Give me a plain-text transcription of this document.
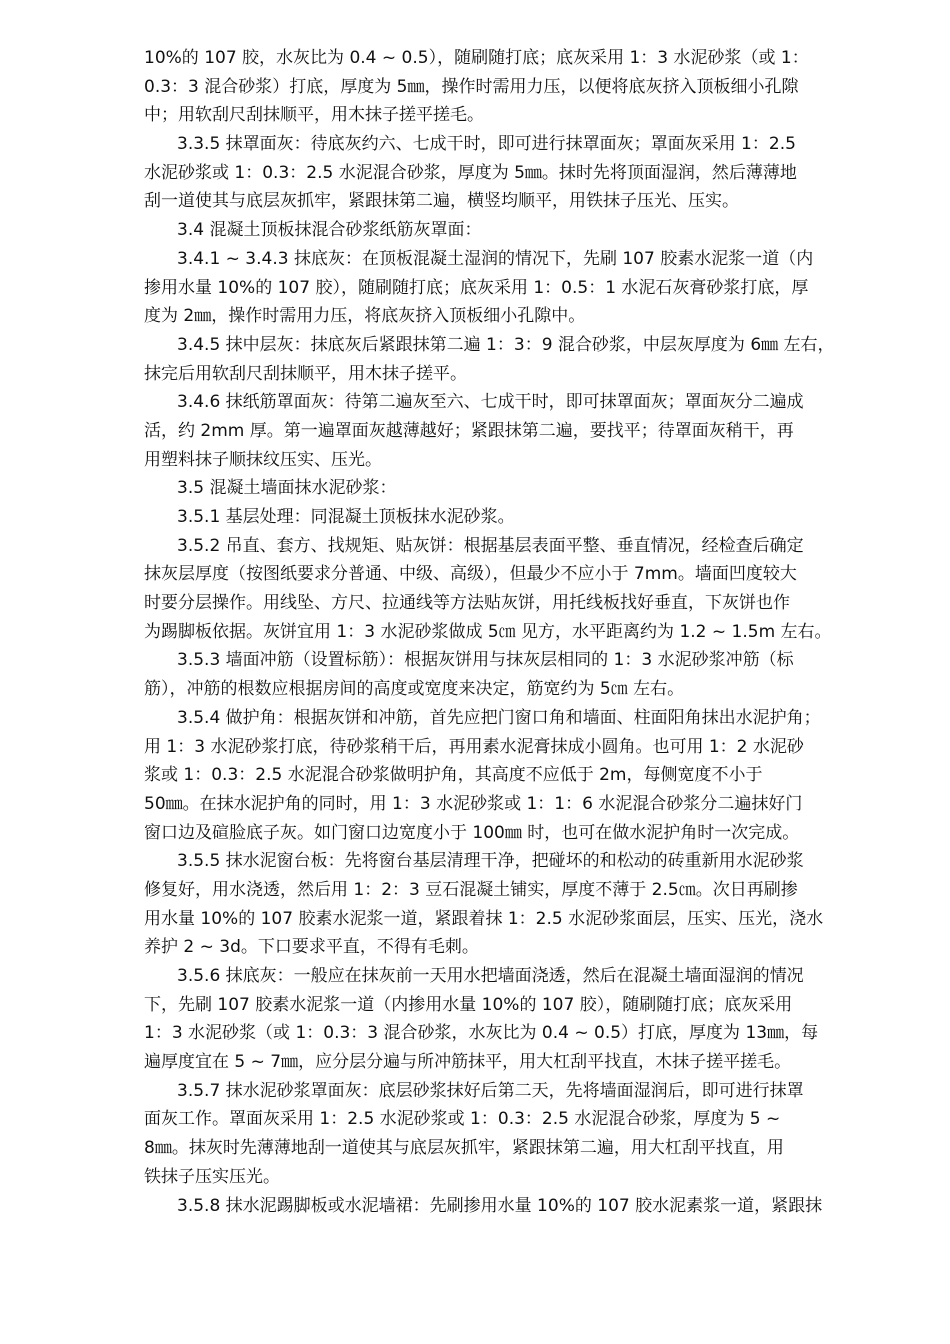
10%的 107 胶，水灰比为 0.4 ~ 0.5），随刷随打底；底灰采用 1：3 水泥砂浆（或 1：
0.3：3 混合砂浆）打底，厚度为 5㎜，操作时需用力压，以便将底灰挤入顶板细小孔隙
中；用软刮尺刮抹顺平，用木抹子搓平搓毛。
3.3.5 抹罩面灰：待底灰约六、七成干时，即可进行抹罩面灰；罩面灰采用 1：2.5
水泥砂浆或 1：0.3：2.5 水泥混合砂浆，厚度为 5㎜。抹时先将顶面湿润，然后薄薄地
刮一道使其与底层灰抓牢，紧跟抹第二遍，横竖均顺平，用铁抹子压光、压实。
3.4 混凝土顶板抹混合砂浆纸筋灰罩面：
3.4.1 ~ 3.4.3 抹底灰：在顶板混凝土湿润的情况下，先刷 107 胶素水泥浆一道（内
掺用水量 10%的 107 胶），随刷随打底；底灰采用 1：0.5：1 水泥石灰膏砂浆打底，厚
度为 2㎜，操作时需用力压，将底灰挤入顶板细小孔隙中。
3.4.5 抹中层灰：抹底灰后紧跟抹第二遍 1：3：9 混合砂浆，中层灰厚度为 6㎜ 左右，
抹完后用软刮尺刮抹顺平，用木抹子搓平。
3.4.6 抹纸筋罩面灰：待第二遍灰至六、七成干时，即可抹罩面灰；罩面灰分二遍成
活，约 2mm 厚。第一遍罩面灰越薄越好；紧跟抹第二遍，要找平；待罩面灰稍干，再
用塑料抹子顺抹纹压实、压光。
3.5 混凝土墙面抹水泥砂浆：
3.5.1 基层处理：同混凝土顶板抹水泥砂浆。
3.5.2 吊直、套方、找规矩、贴灰饼：根据基层表面平整、垂直情况，经检查后确定
抹灰层厚度（按图纸要求分普通、中级、高级），但最少不应小于 7mm。墙面凹度较大
时要分层操作。用线坠、方尺、拉通线等方法贴灰饼，用托线板找好垂直，下灰饼也作
为踢脚板依据。灰饼宜用 1：3 水泥砂浆做成 5㎝ 见方，水平距离约为 1.2 ~ 1.5m 左右。
3.5.3 墙面冲筋（设置标筋）：根据灰饼用与抹灰层相同的 1：3 水泥砂浆冲筋（标
筋），冲筋的根数应根据房间的高度或宽度来决定，筋宽约为 5㎝ 左右。
3.5.4 做护角：根据灰饼和冲筋，首先应把门窗口角和墙面、柱面阳角抹出水泥护角；
用 1：3 水泥砂浆打底，待砂浆稍干后，再用素水泥膏抹成小圆角。也可用 1：2 水泥砂
浆或 1：0.3：2.5 水泥混合砂浆做明护角，其高度不应低于 2m，每侧宽度不小于
50㎜。在抹水泥护角的同时，用 1：3 水泥砂浆或 1：1：6 水泥混合砂浆分二遍抹好门
窗口边及碹脸底子灰。如门窗口边宽度小于 100㎜ 时，也可在做水泥护角时一次完成。
3.5.5 抹水泥窗台板：先将窗台基层清理干净，把碰坏的和松动的砖重新用水泥砂浆
修复好，用水浇透，然后用 1：2：3 豆石混凝土铺实，厚度不薄于 2.5㎝。次日再刷掺
用水量 10%的 107 胶素水泥浆一道，紧跟着抹 1：2.5 水泥砂浆面层，压实、压光，浇水
养护 2 ~ 3d。下口要求平直，不得有毛刺。
3.5.6 抹底灰：一般应在抹灰前一天用水把墙面浇透，然后在混凝土墙面湿润的情况
下，先刷 107 胶素水泥浆一道（内掺用水量 10%的 107 胶），随刷随打底；底灰采用
1：3 水泥砂浆（或 1：0.3：3 混合砂浆，水灰比为 0.4 ~ 0.5）打底，厚度为 13㎜，每
遍厚度宜在 5 ~ 7㎜，应分层分遍与所冲筋抹平，用大杠刮平找直，木抹子搓平搓毛。
3.5.7 抹水泥砂浆罩面灰：底层砂浆抹好后第二天，先将墙面湿润后，即可进行抹罩
面灰工作。罩面灰采用 1：2.5 水泥砂浆或 1：0.3：2.5 水泥混合砂浆，厚度为 5 ~
8㎜。抹灰时先薄薄地刮一道使其与底层灰抓牢，紧跟抹第二遍，用大杠刮平找直，用
铁抹子压实压光。
3.5.8 抹水泥踢脚板或水泥墙裙：先刷掺用水量 10%的 107 胶水泥素浆一道，紧跟抹
